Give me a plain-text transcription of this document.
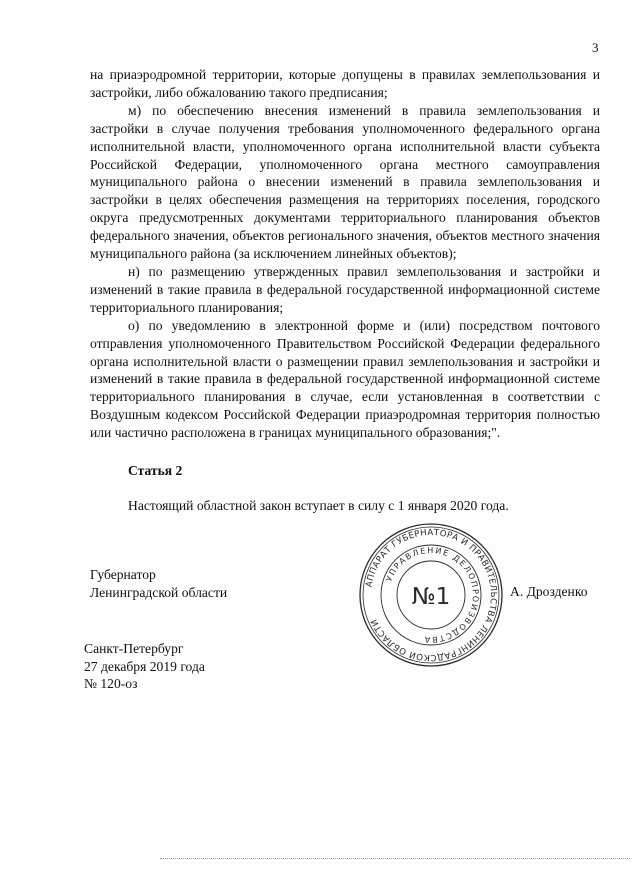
3

на приаэродромной территории, которые допущены в правилах землепользования и застройки, либо обжалованию такого предписания;

м) по обеспечению внесения изменений в правила землепользования и застройки в случае получения требования уполномоченного федерального органа исполнительной власти, уполномоченного органа исполнительной власти субъекта Российской Федерации, уполномоченного органа местного самоуправления муниципального района о внесении изменений в правила землепользования и застройки в целях обеспечения размещения на территориях поселения, городского округа предусмотренных документами территориального планирования объектов федерального значения, объектов регионального значения, объектов местного значения муниципального района (за исключением линейных объектов);

н) по размещению утвержденных правил землепользования и застройки и изменений в такие правила в федеральной государственной информационной системе территориального планирования;

о) по уведомлению в электронной форме и (или) посредством почтового отправления уполномоченного Правительством Российской Федерации федерального органа исполнительной власти о размещении правил землепользования и застройки и изменений в такие правила в федеральной государственной информационной системе территориального планирования в случае, если установленная в соответствии с Воздушным кодексом Российской Федерации приаэродромная территория полностью или частично расположена в границах муниципального образования;".

Статья 2
Настоящий областной закон вступает в силу с 1 января 2020 года.
Губернатор
Ленинградской области
АППАРАТ ГУБЕРНАТОРА И ПРАВИТЕЛЬСТВА ЛЕНИНГРАДСКОЙ ОБЛАСТИ
УПРАВЛЕНИЕ ДЕЛОПРОИЗВОДСТВА
№1	А. Дрозденко
Санкт-Петербург
27 декабря 2019 года
№ 120-оз
